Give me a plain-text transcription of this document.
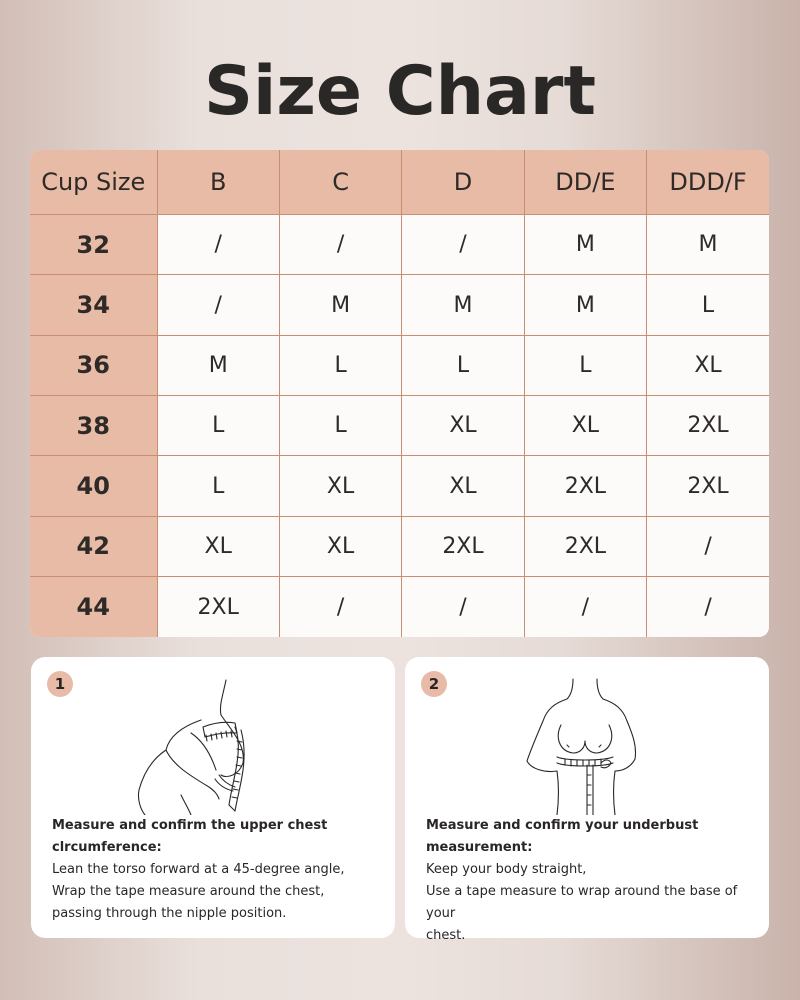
Size Chart
Cup Size	B	C	D	DD/E	DDD/F
32	/	/	/	M	M
34	/	M	M	M	L
36	M	L	L	L	XL
38	L	L	XL	XL	2XL
40	L	XL	XL	2XL	2XL
42	XL	XL	2XL	2XL	/
44	2XL	/	/	/	/
1
Measure and confirm the upper chest
clrcumference:
Lean the torso forward at a 45-degree angle,
Wrap the tape measure around the chest,
passing through the nipple position.
2
Measure and confirm your underbust
measurement:
Keep your body straight,
Use a tape measure to wrap around the base of your
chest.
